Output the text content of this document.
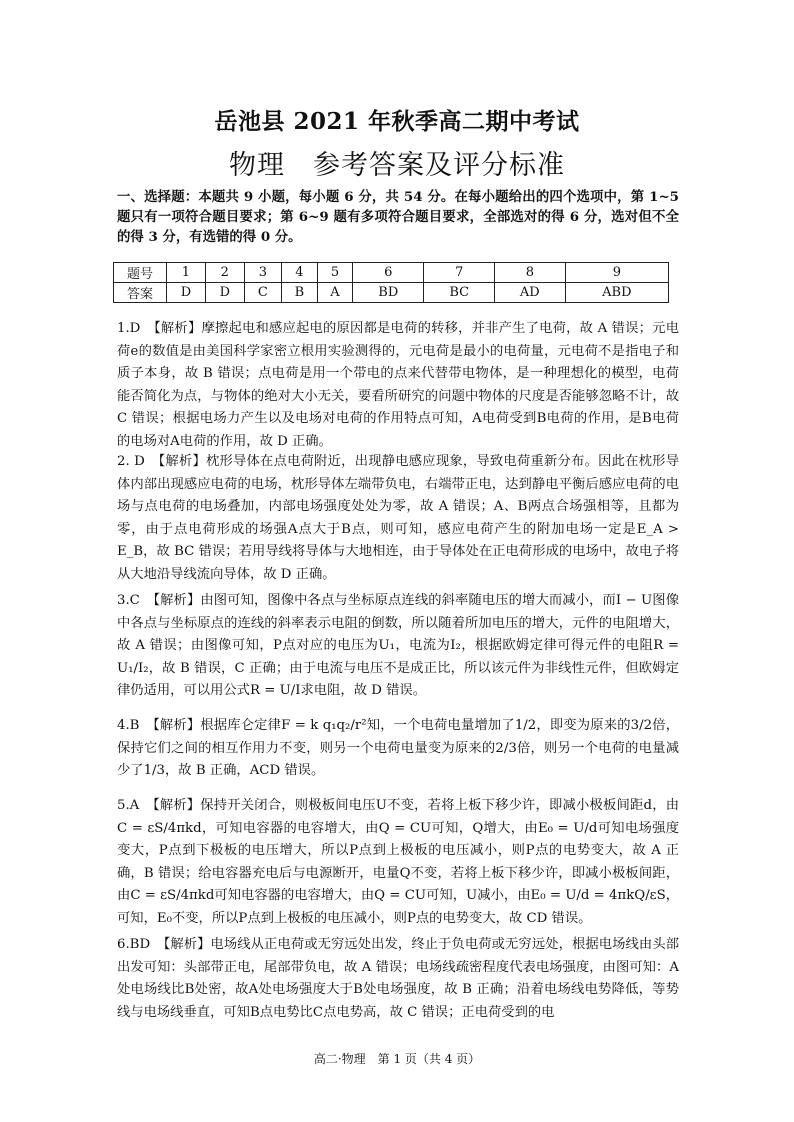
岳池县 2021 年秋季高二期中考试
物理　参考答案及评分标准
一、选择题：本题共 9 小题，每小题 6 分，共 54 分。在每小题给出的四个选项中，第 1~5 题只有一项符合题目要求；第 6~9 题有多项符合题目要求，全部选对的得 6 分，选对但不全的得 3 分，有选错的得 0 分。
题号	1	2	3	4	5	6	7	8	9
答案	D	D	C	B	A	BD	BC	AD	ABD
1.D　【解析】摩擦起电和感应起电的原因都是电荷的转移，并非产生了电荷，故 A 错误；元电荷e的数值是由美国科学家密立根用实验测得的，元电荷是最小的电荷量，元电荷不是指电子和质子本身，故 B 错误；点电荷是用一个带电的点来代替带电物体，是一种理想化的模型，电荷能否简化为点，与物体的绝对大小无关，要看所研究的问题中物体的尺度是否能够忽略不计，故 C 错误；根据电场力产生以及电场对电荷的作用特点可知，A电荷受到B电荷的作用，是B电荷的电场对A电荷的作用，故 D 正确。
2. D　【解析】枕形导体在点电荷附近，出现静电感应现象，导致电荷重新分布。因此在枕形导体内部出现感应电荷的电场，枕形导体左端带负电，右端带正电，达到静电平衡后感应电荷的电场与点电荷的电场叠加，内部电场强度处处为零，故 A 错误；A、B两点合场强相等，且都为零，由于点电荷形成的场强A点大于B点，则可知，感应电荷产生的附加电场一定是E_A > E_B，故 BC 错误；若用导线将导体与大地相连，由于导体处在正电荷形成的电场中，故电子将从大地沿导线流向导体，故 D 正确。
3.C　【解析】由图可知，图像中各点与坐标原点连线的斜率随电压的增大而减小，而I − U图像中各点与坐标原点的连线的斜率表示电阻的倒数，所以随着所加电压的增大，元件的电阻增大，故 A 错误；由图像可知，P点对应的电压为U₁，电流为I₂，根据欧姆定律可得元件的电阻R = U₁/I₂，故 B 错误，C 正确；由于电流与电压不是成正比，所以该元件为非线性元件，但欧姆定律仍适用，可以用公式R = U/I求电阻，故 D 错误。
4.B　【解析】根据库仑定律F = k q₁q₂/r²知，一个电荷电量增加了1/2，即变为原来的3/2倍，保持它们之间的相互作用力不变，则另一个电荷电量变为原来的2/3倍，则另一个电荷的电量减少了1/3，故 B 正确，ACD 错误。
5.A　【解析】保持开关闭合，则极板间电压U不变，若将上板下移少许，即减小极板间距d，由C = εS/4πkd，可知电容器的电容增大，由Q = CU可知，Q增大，由E₀ = U/d可知电场强度变大，P点到下极板的电压增大，所以P点到上极板的电压减小，则P点的电势变大，故 A 正确，B 错误；给电容器充电后与电源断开，电量Q不变，若将上板下移少许，即减小极板间距，由C = εS/4πkd可知电容器的电容增大，由Q = CU可知，U减小，由E₀ = U/d = 4πkQ/εS，可知，E₀不变，所以P点到上极板的电压减小，则P点的电势变大，故 CD 错误。
6.BD　【解析】电场线从正电荷或无穷远处出发，终止于负电荷或无穷远处，根据电场线由头部出发可知：头部带正电，尾部带负电，故 A 错误；电场线疏密程度代表电场强度，由图可知：A处电场线比B处密，故A处电场强度大于B处电场强度，故 B 正确；沿着电场线电势降低，等势线与电场线垂直，可知B点电势比C点电势高，故 C 错误；正电荷受到的电
高二·物理　第 1 页（共 4 页）
